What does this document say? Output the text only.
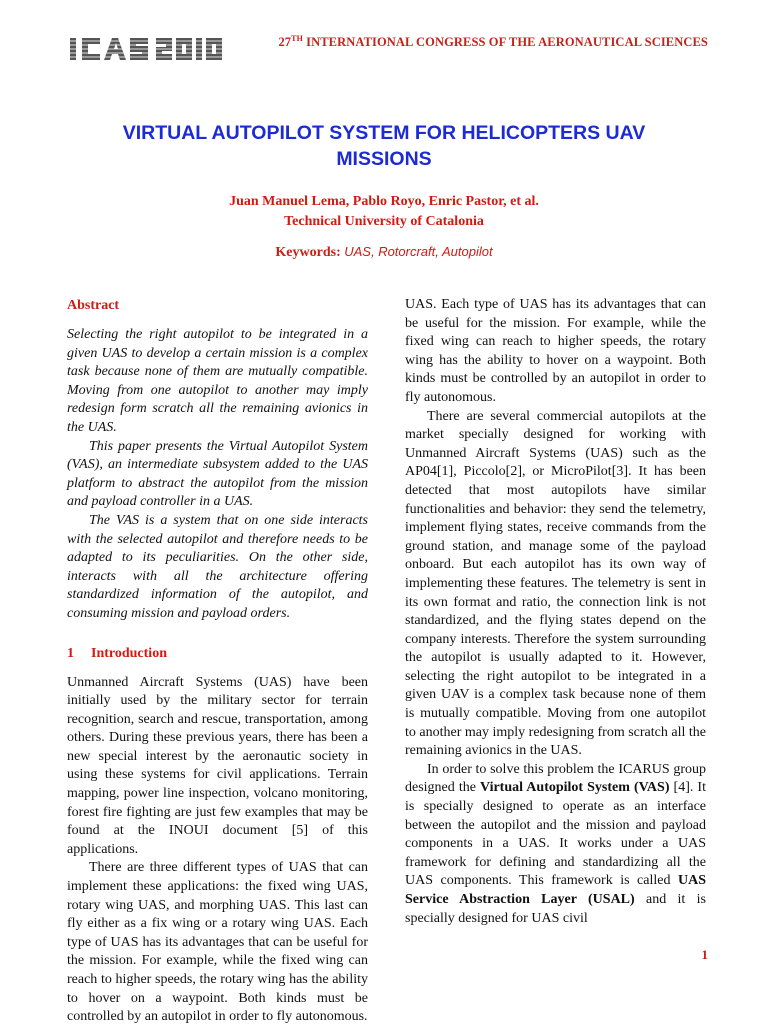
27TH INTERNATIONAL CONGRESS OF THE AERONAUTICAL SCIENCES
VIRTUAL AUTOPILOT SYSTEM FOR HELICOPTERS UAV
MISSIONS
Juan Manuel Lema, Pablo Royo, Enric Pastor, et al.
Technical University of Catalonia
Keywords: UAS, Rotorcraft, Autopilot
Abstract

Selecting the right autopilot to be integrated in a given UAS to develop a certain mission is a complex task because none of them are mutually compatible. Moving from one autopilot to another may imply redesign form scratch all the remaining avionics in the UAS.

This paper presents the Virtual Autopilot System (VAS), an intermediate subsystem added to the UAS platform to abstract the autopilot from the mission and payload controller in a UAS.

The VAS is a system that on one side interacts with the selected autopilot and therefore needs to be adapted to its peculiarities. On the other side, interacts with all the architecture offering standardized information of the autopilot, and consuming mission and payload orders.

1 Introduction

Unmanned Aircraft Systems (UAS) have been initially used by the military sector for terrain recognition, search and rescue, transportation, among others. During these previous years, there has been a new special interest by the aeronautic society in using these systems for civil applications. Terrain mapping, power line inspection, volcano monitoring, forest fire fighting are just few examples that may be found at the INOUI document [5] of this applications.

There are three different types of UAS that can implement these applications: the fixed wing UAS, rotary wing UAS, and morphing UAS. This last can fly either as a fix wing or a rotary wing UAS. Each type of UAS has its advantages that can be useful for the mission. For example, while the fixed wing can reach to higher speeds, the rotary wing has the ability to hover on a waypoint. Both kinds must be controlled by an autopilot in order to fly autonomous.

UAS. Each type of UAS has its advantages that can be useful for the mission. For example, while the fixed wing can reach to higher speeds, the rotary wing has the ability to hover on a waypoint. Both kinds must be controlled by an autopilot in order to fly autonomous.

There are several commercial autopilots at the market specially designed for working with Unmanned Aircraft Systems (UAS) such as the AP04[1], Piccolo[2], or MicroPilot[3]. It has been detected that most autopilots have similar functionalities and behavior: they send the telemetry, implement flying states, receive commands from the ground station, and manage some of the payload onboard. But each autopilot has its own way of implementing these features. The telemetry is sent in its own format and ratio, the connection link is not standardized, and the flying states depend on the company interests. Therefore the system surrounding the autopilot is usually adapted to it. However, selecting the right autopilot to be integrated in a given UAV is a complex task because none of them is mutually compatible. Moving from one autopilot to another may imply redesigning from scratch all the remaining avionics in the UAS.

In order to solve this problem the ICARUS group designed the Virtual Autopilot System (VAS) [4]. It is specially designed to operate as an interface between the autopilot and the mission and payload components in a UAS. It works under a UAS framework for defining and standardizing all the UAS components. This framework is called UAS Service Abstraction Layer (USAL) and it is specially designed for UAS civil

1
